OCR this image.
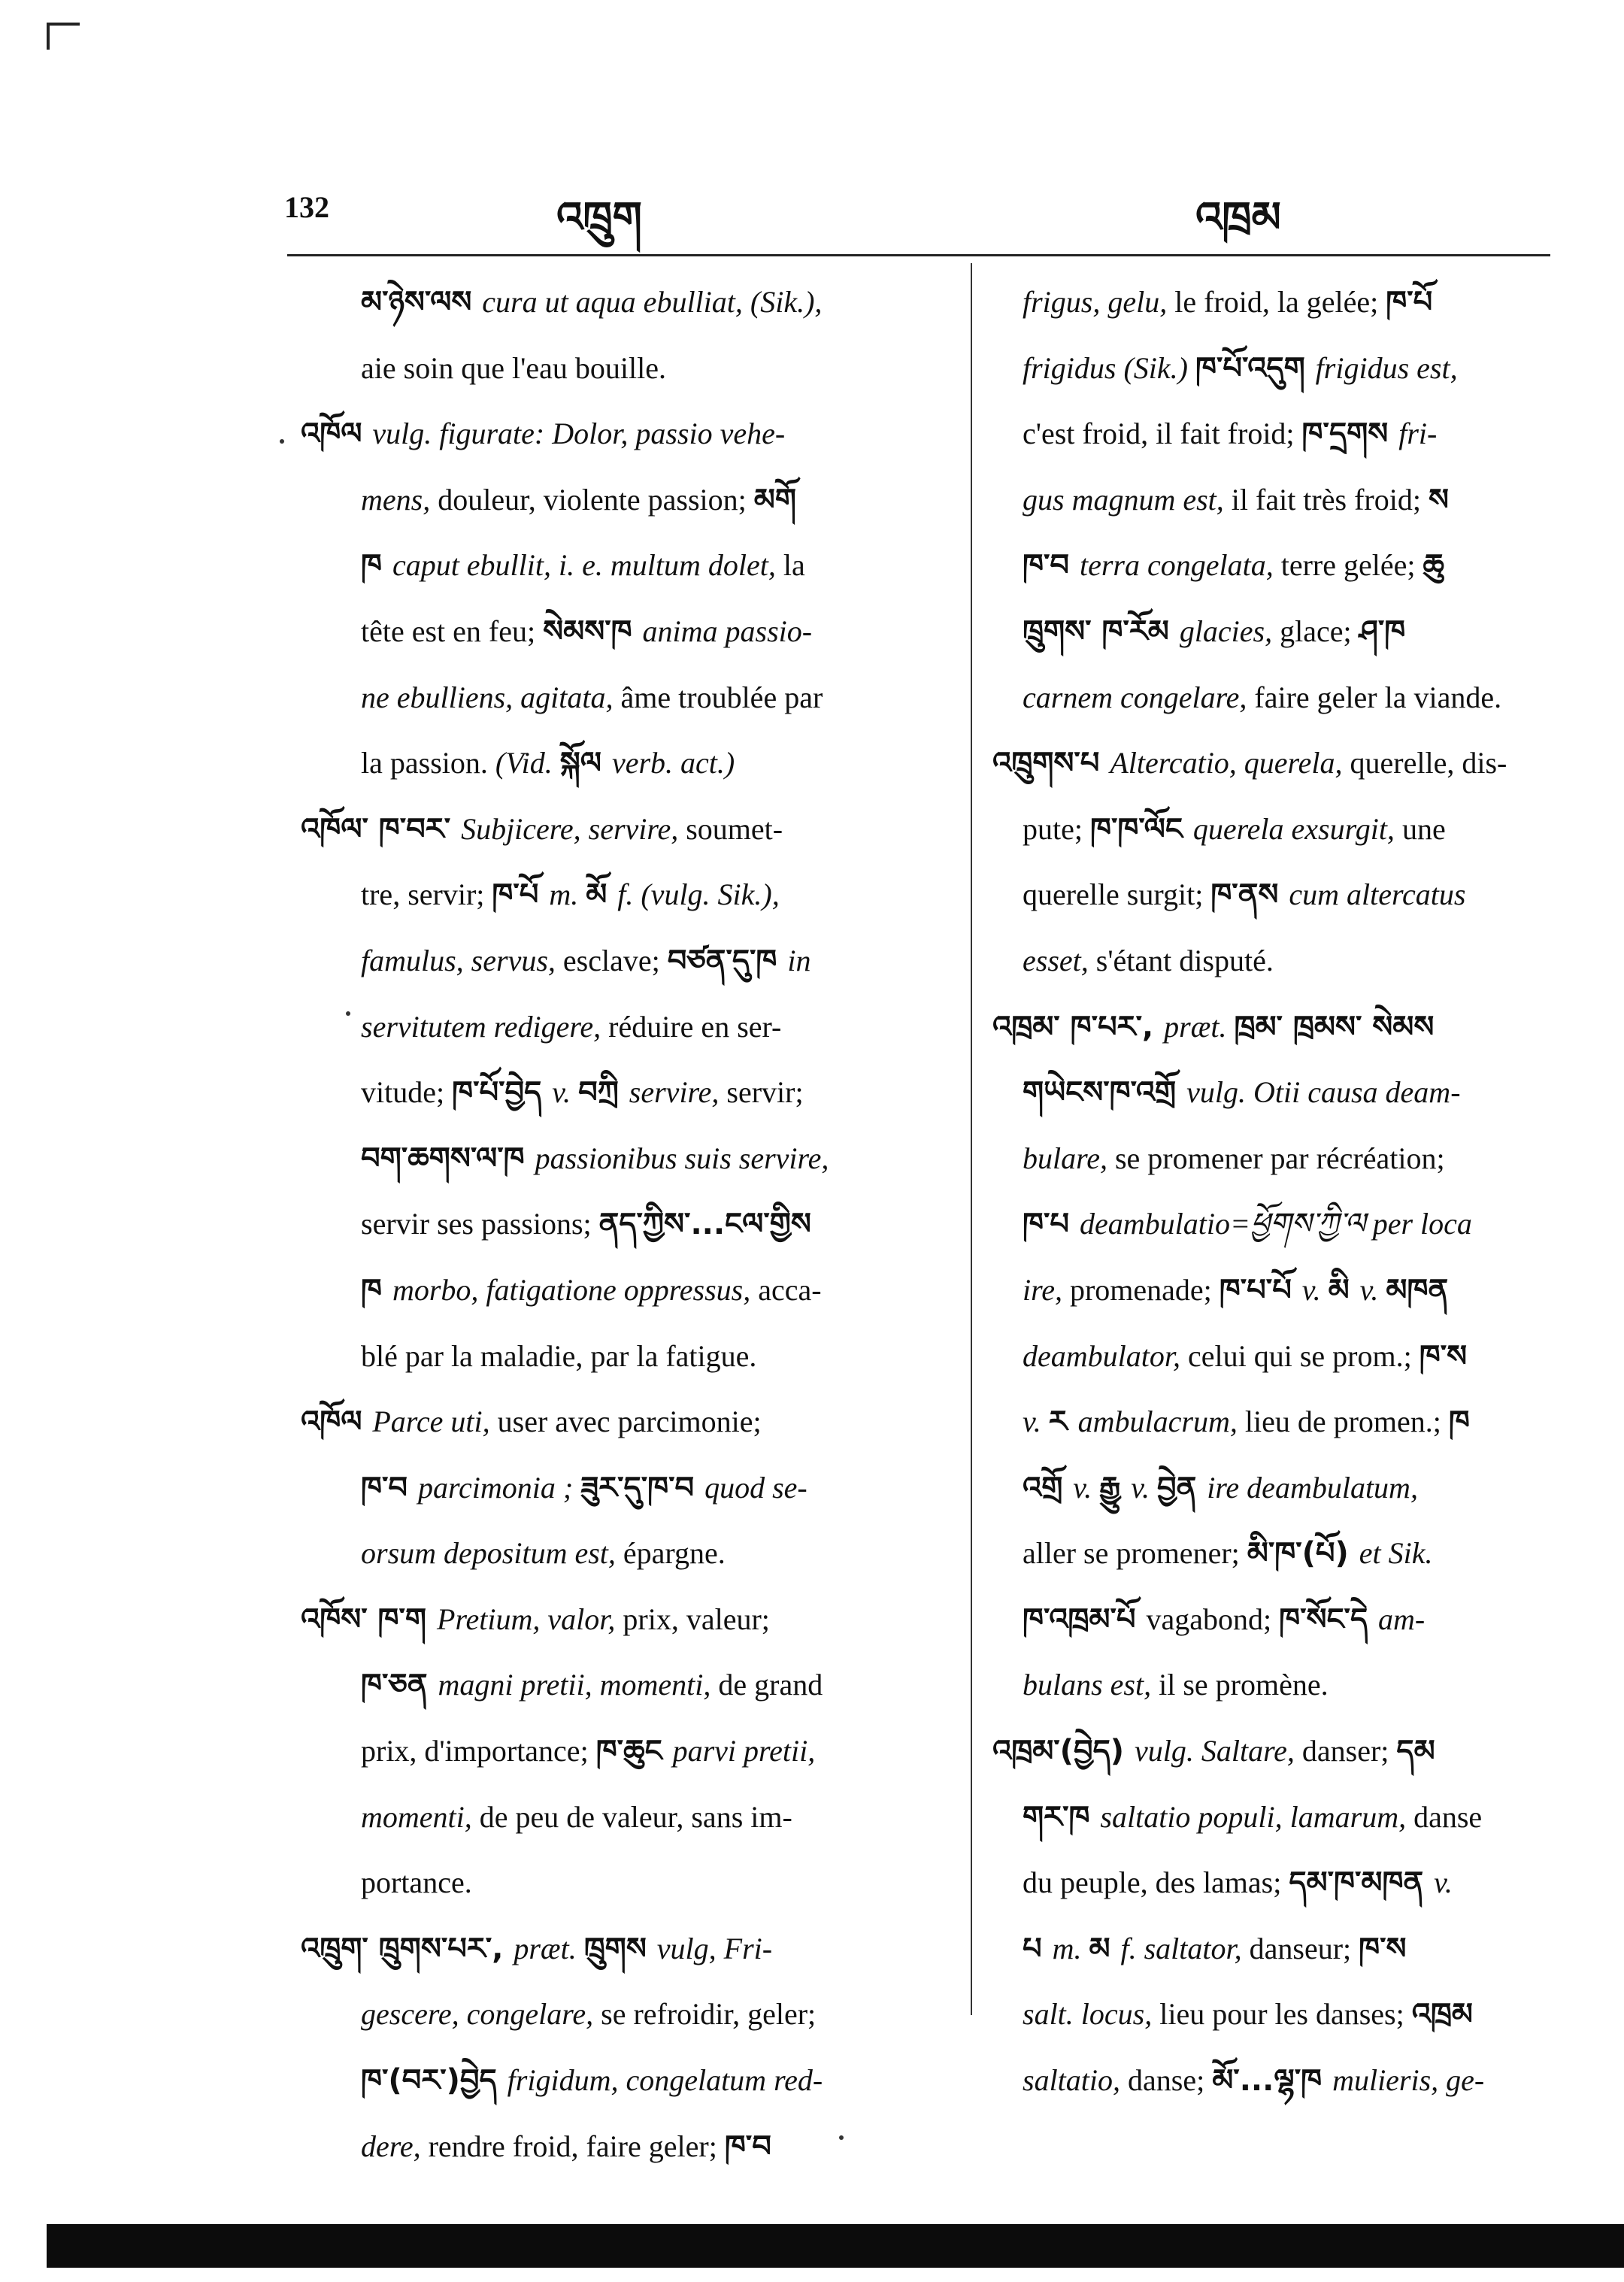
132	འཁྲུག	འཁྲམ
མ་ཉེས་ལས cura ut aqua ebulliat, (Sik.),
aie soin que l'eau bouille.
འཁོལ vulg. figurate: Dolor, passio vehe-
mens, douleur, violente passion; མགོ
ཁ caput ebullit, i. e. multum dolet, la
tête est en feu; སེམས་ཁ anima passio-
ne ebulliens, agitata, âme troublée par
la passion. (Vid. སྐོལ verb. act.)
འཁོལ་ ཁ་བར་ Subjicere, servire, soumet-
tre, servir; ཁ་པོ m. མོ f. (vulg. Sik.),
famulus, servus, esclave; བཙན་དུ་ཁ in
servitutem redigere, réduire en ser-
vitude; ཁ་པོ་བྱེད v. བཀྲི servire, servir;
བག་ཆགས་ལ་ཁ passionibus suis servire,
servir ses passions; ནད་ཀྱིས་...ངལ་གྱིས
ཁ morbo, fatigatione oppressus, acca-
blé par la maladie, par la fatigue.
འཁོལ Parce uti, user avec parcimonie;
ཁ་བ parcimonia ; ཟུར་དུ་ཁ་བ quod se-
orsum depositum est, épargne.
འཁོས་ ཁ་ག Pretium, valor, prix, valeur;
ཁ་ཅན magni pretii, momenti, de grand
prix, d'importance; ཁ་ཆུང parvi pretii,
momenti, de peu de valeur, sans im-
portance.
འཁྲུག་ ཁྲུགས་པར་, præt. ཁྲུགས vulg, Fri-
gescere, congelare, se refroidir, geler;
ཁ་(བར་)བྱེད frigidum, congelatum red-
dere, rendre froid, faire geler; ཁ་བ
frigus, gelu, le froid, la gelée; ཁ་པོ
frigidus (Sik.) ཁ་པོ་འདུག frigidus est,
c'est froid, il fait froid; ཁ་དྲགས fri-
gus magnum est, il fait très froid; ས
ཁ་བ terra congelata, terre gelée; ཆུ
ཁྲུགས་ ཁ་རོམ glacies, glace; ཤ་ཁ
carnem congelare, faire geler la viande.
འཁྲུགས་པ Altercatio, querela, querelle, dis-
pute; ཁ་ཁ་ལོང querela exsurgit, une
querelle surgit; ཁ་ནས cum altercatus
esset, s'étant disputé.
འཁྲམ་ ཁ་པར་, præt. ཁྲམ་ ཁྲམས་ སེམས
གཡེངས་ཁ་འགྲོ vulg. Otii causa deam-
bulare, se promener par récréation;
ཁ་པ deambulatio=ཕྱོགས་ཀྱི་ལ per loca
ire, promenade; ཁ་པ་པོ v. མི v. མཁན
deambulator, celui qui se prom.; ཁ་ས
v. ར ambulacrum, lieu de promen.; ཁ
འགྲོ v. རྒྱུ v. བྱེན ire deambulatum,
aller se promener; མི་ཁ་(པོ) et Sik.
ཁ་འཁྲམ་པོ vagabond; ཁ་སོང་དེ am-
bulans est, il se promène.
འཁྲམ་(བྱེད) vulg. Saltare, danser; དམ
གར་ཁ saltatio populi, lamarum, danse
du peuple, des lamas; དམ་ཁ་མཁན v.
པ m. མ f. saltator, danseur; ཁ་ས
salt. locus, lieu pour les danses; འཁྲམ
saltatio, danse; མོ་...ལྷ་ཁ mulieris, ge-
